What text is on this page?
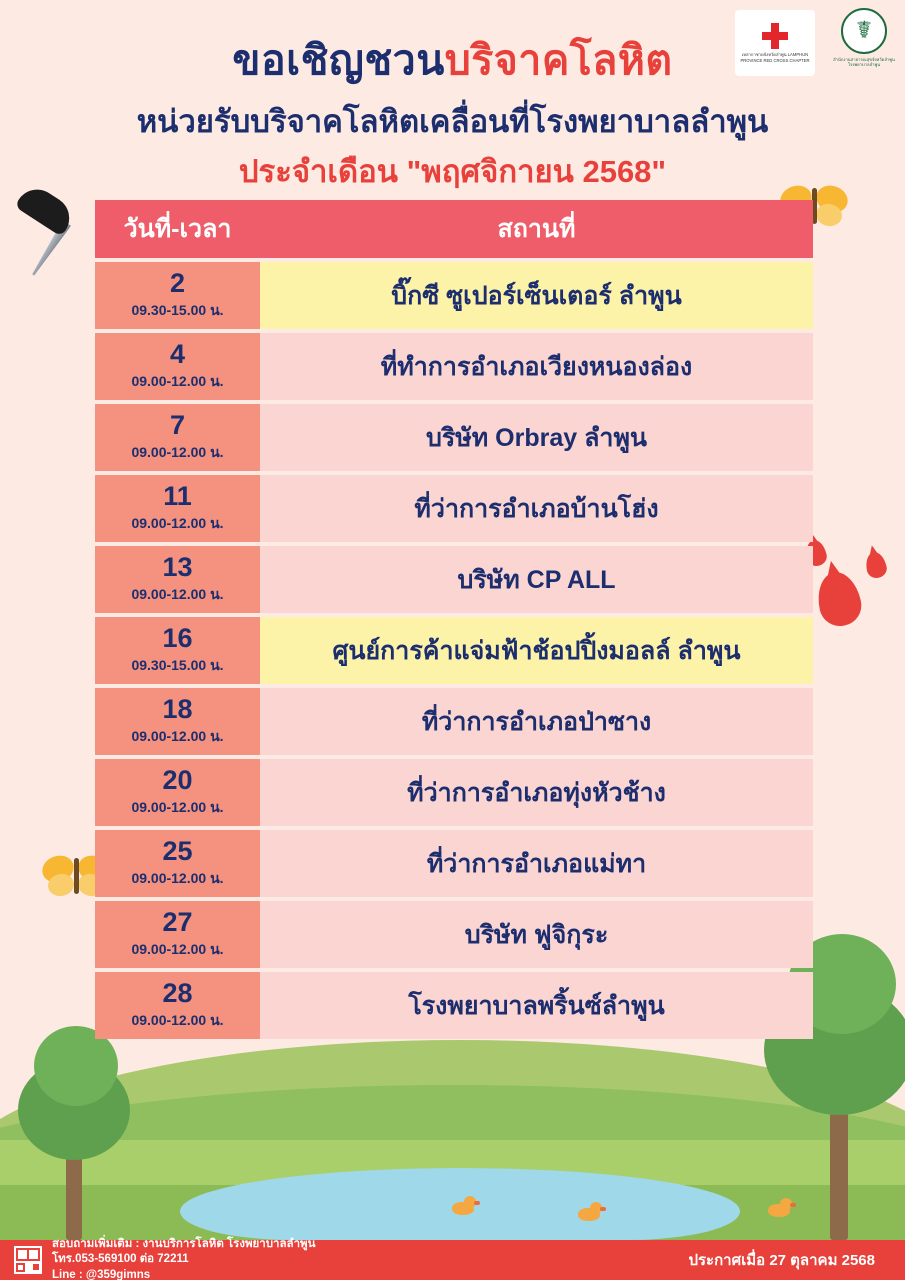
ขอเชิญชวนบริจาคโลหิต
หน่วยรับบริจาคโลหิตเคลื่อนที่โรงพยาบาลลำพูน
ประจำเดือน "พฤศจิกายน 2568"
เหล่ากาชาดจังหวัดลำพูน LAMPHUN PROVINCE RED CROSS CHAPTER
☤
สำนักงานสาธารณสุขจังหวัดลำพูน โรงพยาบาลลำพูน
วันที่-เวลา	สถานที่
2
09.30-15.00 น.
บิ๊กซี ซูเปอร์เซ็นเตอร์ ลำพูน
4
09.00-12.00 น.
ที่ทำการอำเภอเวียงหนองล่อง
7
09.00-12.00 น.
บริษัท Orbray ลำพูน
11
09.00-12.00 น.
ที่ว่าการอำเภอบ้านโฮ่ง
13
09.00-12.00 น.
บริษัท CP ALL
16
09.30-15.00 น.
ศูนย์การค้าแจ่มฟ้าช้อปปิ้งมอลล์ ลำพูน
18
09.00-12.00 น.
ที่ว่าการอำเภอป่าซาง
20
09.00-12.00 น.
ที่ว่าการอำเภอทุ่งหัวช้าง
25
09.00-12.00 น.
ที่ว่าการอำเภอแม่ทา
27
09.00-12.00 น.
บริษัท ฟูจิกุระ
28
09.00-12.00 น.
โรงพยาบาลพริ้นซ์ลำพูน
สอบถามเพิ่มเติม : งานบริการโลหิต โรงพยาบาลลำพูน
โทร.053-569100 ต่อ 72211
Line : @359gimns
ประกาศเมื่อ 27 ตุลาคม 2568
